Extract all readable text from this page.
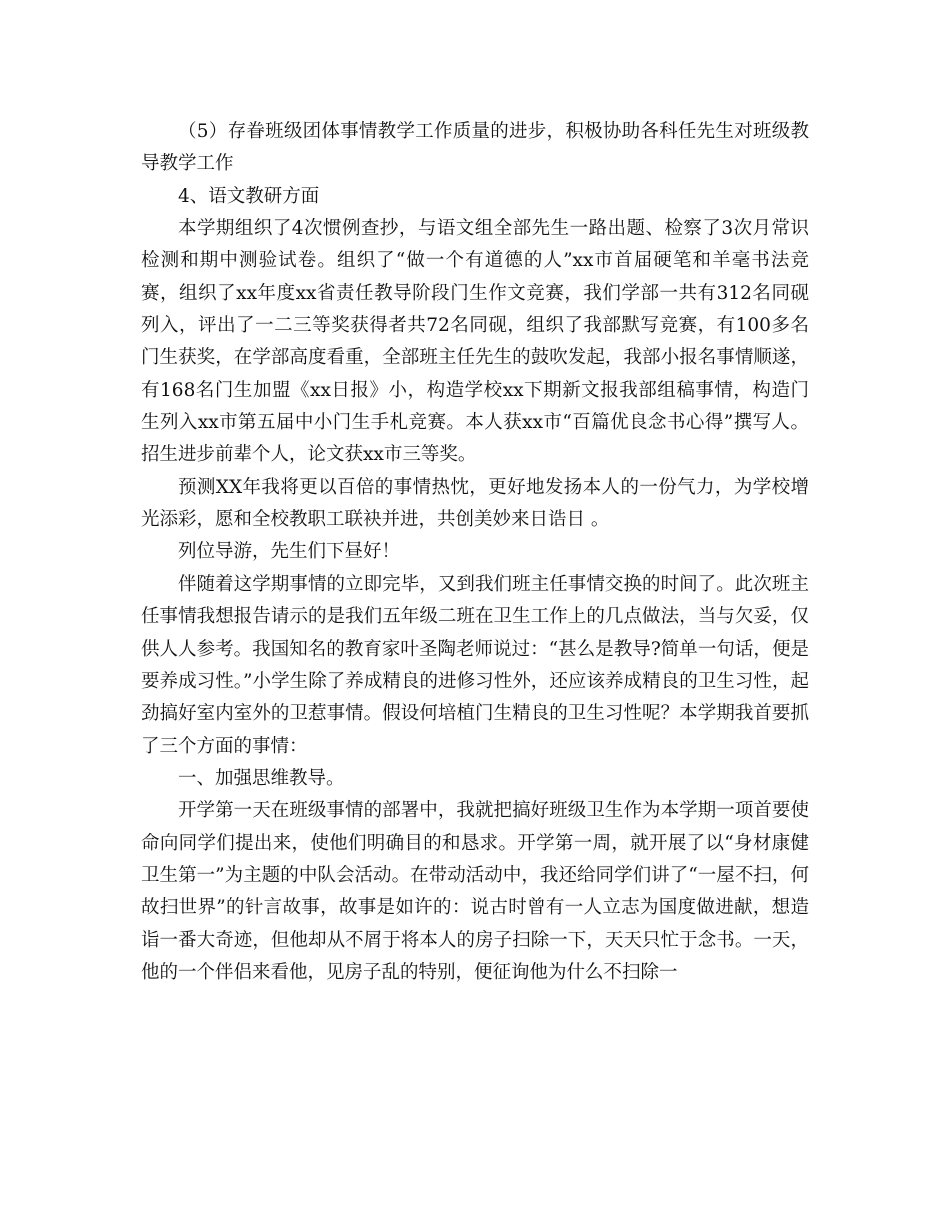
（5）存眷班级团体事情教学工作质量的进步，积极协助各科任先生对班级教导教学工作

4、语文教研方面

本学期组织了4次惯例查抄，与语文组全部先生一路出题、检察了3次月常识检测和期中测验试卷。组织了“做一个有道德的人”xx市首届硬笔和羊毫书法竞赛，组织了xx年度xx省责任教导阶段门生作文竞赛，我们学部一共有312名同砚列入，评出了一二三等奖获得者共72名同砚，组织了我部默写竞赛，有100多名门生获奖，在学部高度看重，全部班主任先生的鼓吹发起，我部小报名事情顺遂，有168名门生加盟《xx日报》小，构造学校xx下期新文报我部组稿事情，构造门生列入xx市第五届中小门生手札竞赛。本人获xx市“百篇优良念书心得”撰写人。招生进步前辈个人，论文获xx市三等奖。

预测XX年我将更以百倍的事情热忱，更好地发扬本人的一份气力，为学校增光添彩，愿和全校教职工联袂并进，共创美妙来日诰日 。

列位导游，先生们下昼好！

伴随着这学期事情的立即完毕，又到我们班主任事情交换的时间了。此次班主任事情我想报告请示的是我们五年级二班在卫生工作上的几点做法，当与欠妥，仅供人人参考。我国知名的教育家叶圣陶老师说过：“甚么是教导?简单一句话，便是要养成习性。”小学生除了养成精良的进修习性外，还应该养成精良的卫生习性，起劲搞好室内室外的卫惹事情。假设何培植门生精良的卫生习性呢？本学期我首要抓了三个方面的事情：

一、加强思维教导。

开学第一天在班级事情的部署中，我就把搞好班级卫生作为本学期一项首要使命向同学们提出来，使他们明确目的和恳求。开学第一周，就开展了以“身材康健卫生第一”为主题的中队会活动。在带动活动中，我还给同学们讲了“一屋不扫，何故扫世界”的针言故事，故事是如许的：说古时曾有一人立志为国度做进献，想造诣一番大奇迹，但他却从不屑于将本人的房子扫除一下，天天只忙于念书。一天，他的一个伴侣来看他，见房子乱的特别，便征询他为什么不扫除一
